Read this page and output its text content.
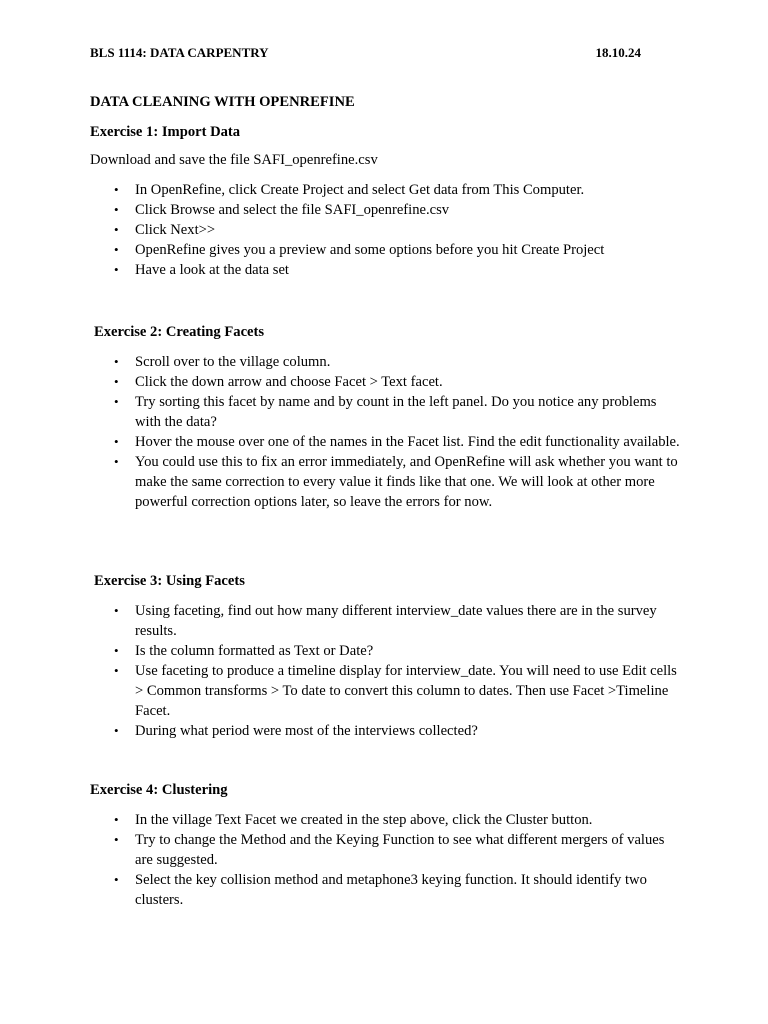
BLS 1114: DATA CARPENTRY	18.10.24
DATA CLEANING WITH OPENREFINE
Exercise 1: Import Data

Download and save the file SAFI_openrefine.csv

• In OpenRefine, click Create Project and select Get data from This Computer.
• Click Browse and select the file SAFI_openrefine.csv
• Click Next>>
• OpenRefine gives you a preview and some options before you hit Create Project
• Have a look at the data set
Exercise 2: Creating Facets
• Scroll over to the village column.
• Click the down arrow and choose Facet > Text facet.
• Try sorting this facet by name and by count in the left panel. Do you notice any problems with the data?
• Hover the mouse over one of the names in the Facet list. Find the edit functionality available.
• You could use this to fix an error immediately, and OpenRefine will ask whether you want to make the same correction to every value it finds like that one. We will look at other more powerful correction options later, so leave the errors for now.
Exercise 3: Using Facets
• Using faceting, find out how many different interview_date values there are in the survey results.
• Is the column formatted as Text or Date?
• Use faceting to produce a timeline display for interview_date. You will need to use Edit cells > Common transforms > To date to convert this column to dates. Then use Facet >Timeline Facet.
• During what period were most of the interviews collected?
Exercise 4: Clustering
• In the village Text Facet we created in the step above, click the Cluster button.
• Try to change the Method and the Keying Function to see what different mergers of values are suggested.
• Select the key collision method and metaphone3 keying function. It should identify two clusters.
